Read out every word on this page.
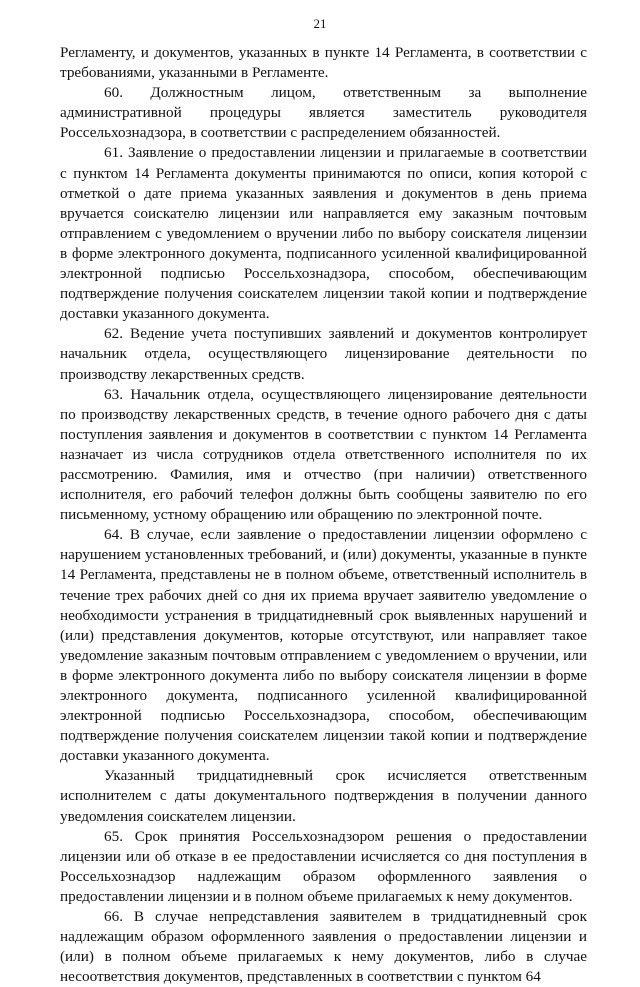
21

Регламенту, и документов, указанных в пункте 14 Регламента, в соответствии с требованиями, указанными в Регламенте.

60. Должностным лицом, ответственным за выполнение административной процедуры является заместитель руководителя Россельхознадзора, в соответствии с распределением обязанностей.

61. Заявление о предоставлении лицензии и прилагаемые в соответствии с пунктом 14 Регламента документы принимаются по описи, копия которой с отметкой о дате приема указанных заявления и документов в день приема вручается соискателю лицензии или направляется ему заказным почтовым отправлением с уведомлением о вручении либо по выбору соискателя лицензии в форме электронного документа, подписанного усиленной квалифицированной электронной подписью Россельхознадзора, способом, обеспечивающим подтверждение получения соискателем лицензии такой копии и подтверждение доставки указанного документа.

62. Ведение учета поступивших заявлений и документов контролирует начальник отдела, осуществляющего лицензирование деятельности по производству лекарственных средств.

63. Начальник отдела, осуществляющего лицензирование деятельности по производству лекарственных средств, в течение одного рабочего дня с даты поступления заявления и документов в соответствии с пунктом 14 Регламента назначает из числа сотрудников отдела ответственного исполнителя по их рассмотрению. Фамилия, имя и отчество (при наличии) ответственного исполнителя, его рабочий телефон должны быть сообщены заявителю по его письменному, устному обращению или обращению по электронной почте.

64. В случае, если заявление о предоставлении лицензии оформлено с нарушением установленных требований, и (или) документы, указанные в пункте 14 Регламента, представлены не в полном объеме, ответственный исполнитель в течение трех рабочих дней со дня их приема вручает заявителю уведомление о необходимости устранения в тридцатидневный срок выявленных нарушений и (или) представления документов, которые отсутствуют, или направляет такое уведомление заказным почтовым отправлением с уведомлением о вручении, или в форме электронного документа либо по выбору соискателя лицензии в форме электронного документа, подписанного усиленной квалифицированной электронной подписью Россельхознадзора, способом, обеспечивающим подтверждение получения соискателем лицензии такой копии и подтверждение доставки указанного документа.

Указанный тридцатидневный срок исчисляется ответственным исполнителем с даты документального подтверждения в получении данного уведомления соискателем лицензии.

65. Срок принятия Россельхознадзором решения о предоставлении лицензии или об отказе в ее предоставлении исчисляется со дня поступления в Россельхознадзор надлежащим образом оформленного заявления о предоставлении лицензии и в полном объеме прилагаемых к нему документов.

66. В случае непредставления заявителем в тридцатидневный срок надлежащим образом оформленного заявления о предоставлении лицензии и (или) в полном объеме прилагаемых к нему документов, либо в случае несоответствия документов, представленных в соответствии с пунктом 64
